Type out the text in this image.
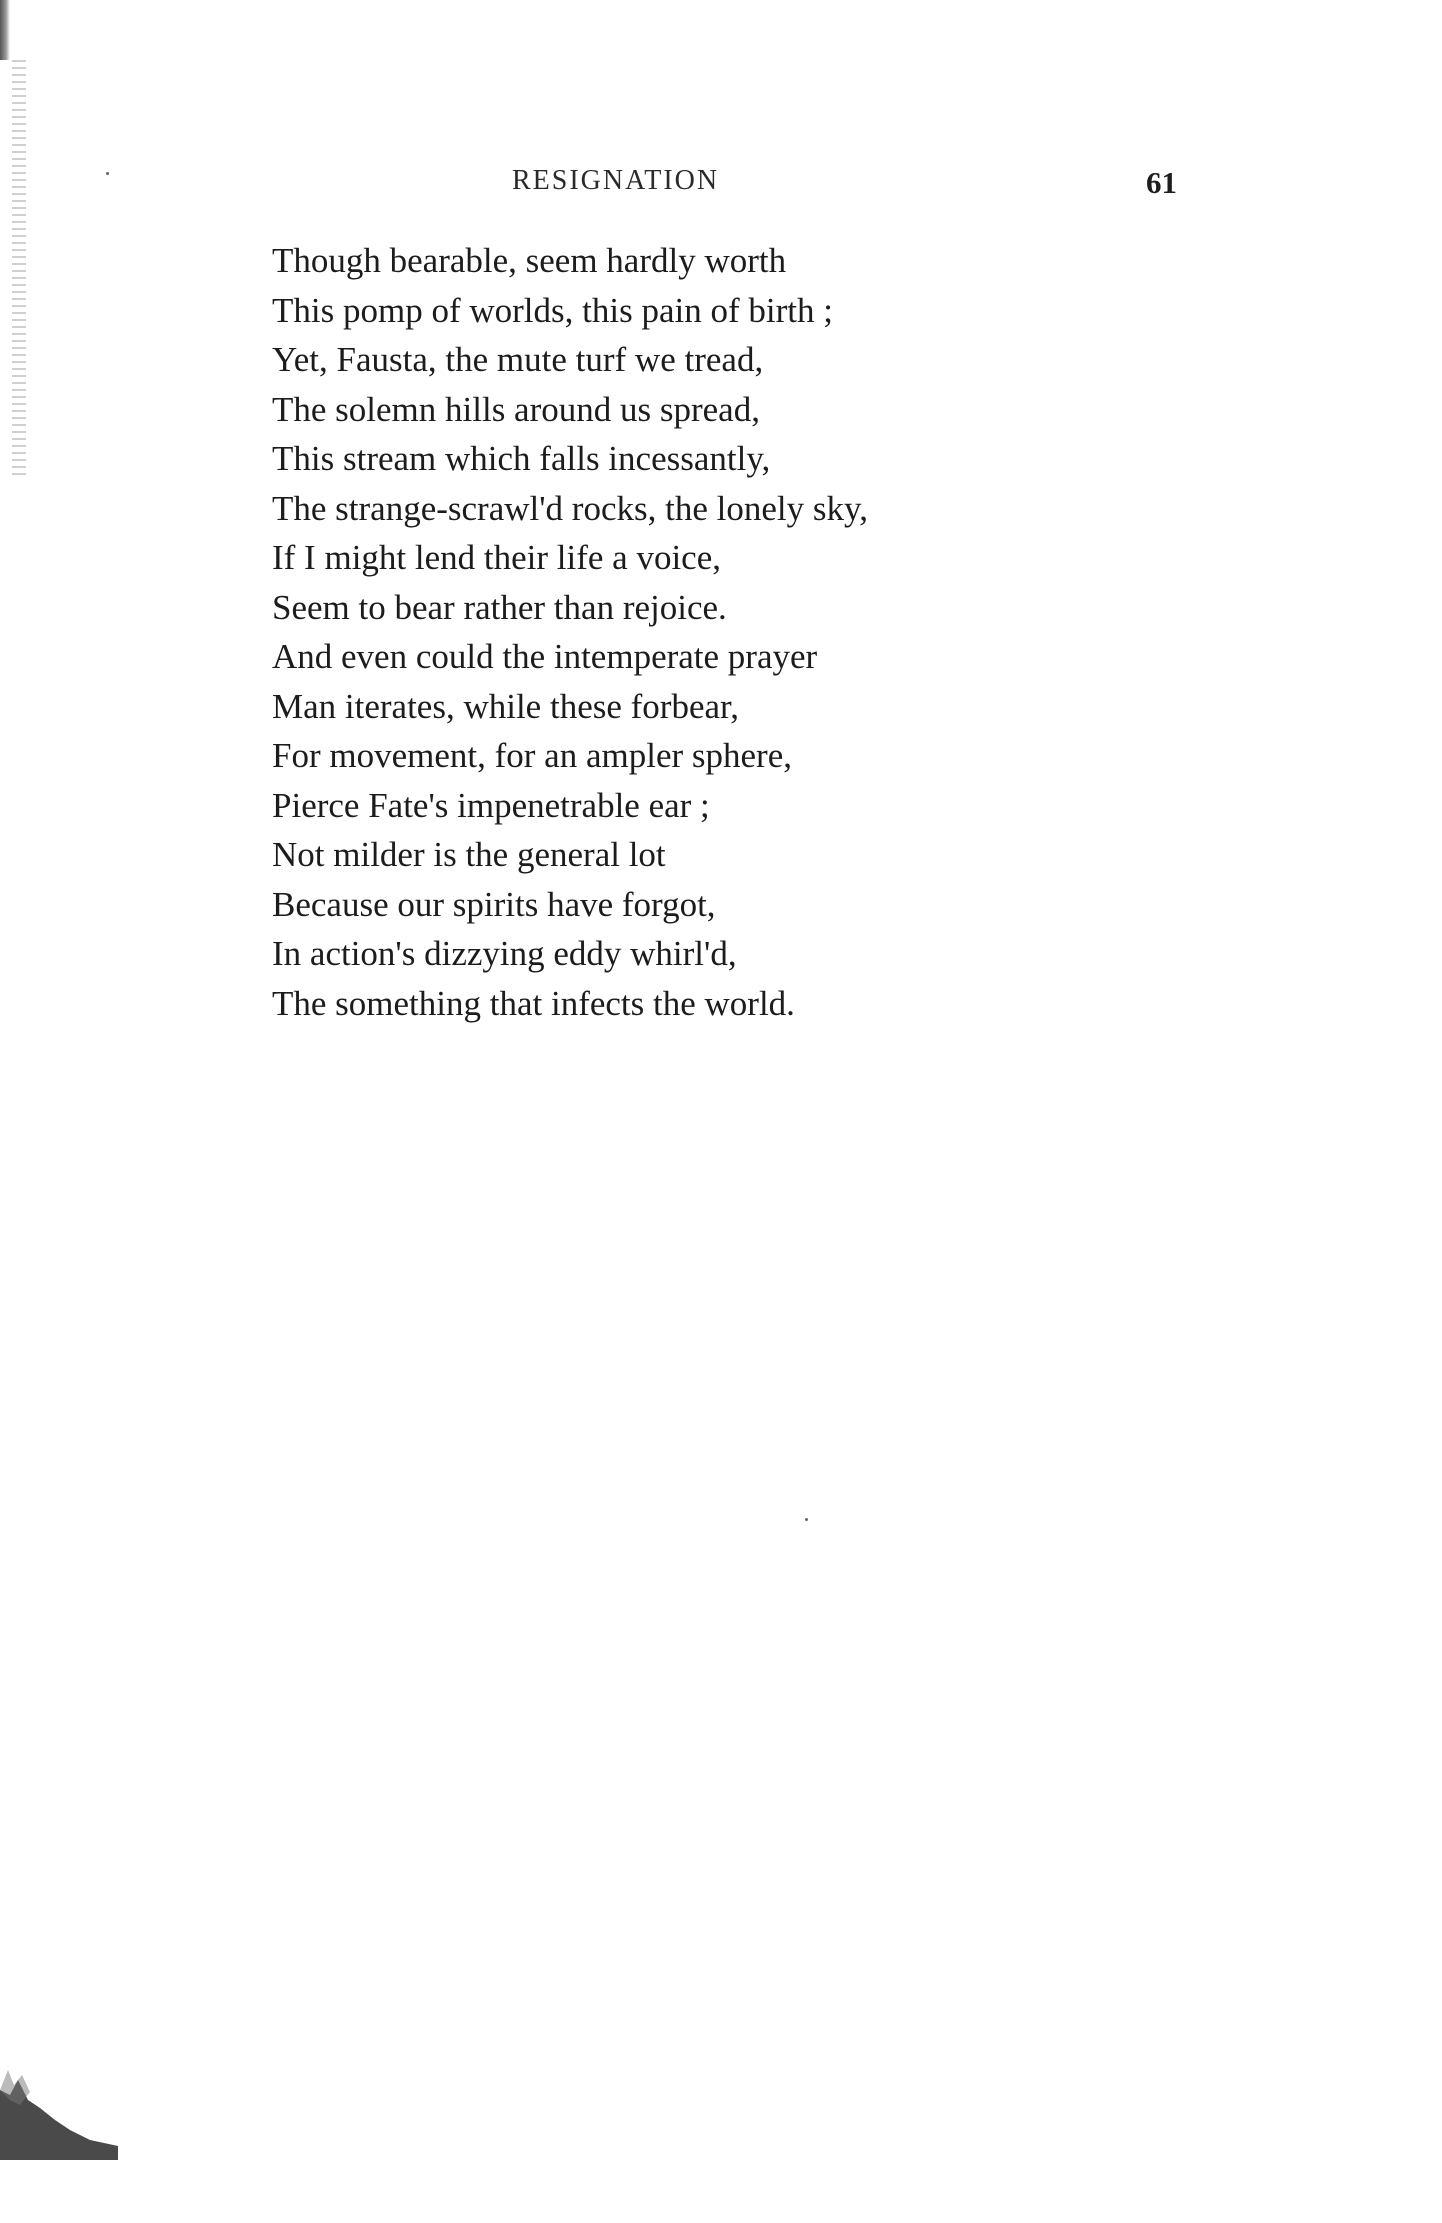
RESIGNATION	61
Though bearable, seem hardly worth
This pomp of worlds, this pain of birth ;
Yet, Fausta, the mute turf we tread,
The solemn hills around us spread,
This stream which falls incessantly,
The strange-scrawl'd rocks, the lonely sky,
If I might lend their life a voice,
Seem to bear rather than rejoice.
And even could the intemperate prayer
Man iterates, while these forbear,
For movement, for an ampler sphere,
Pierce Fate's impenetrable ear ;
Not milder is the general lot
Because our spirits have forgot,
In action's dizzying eddy whirl'd,
The something that infects the world.
